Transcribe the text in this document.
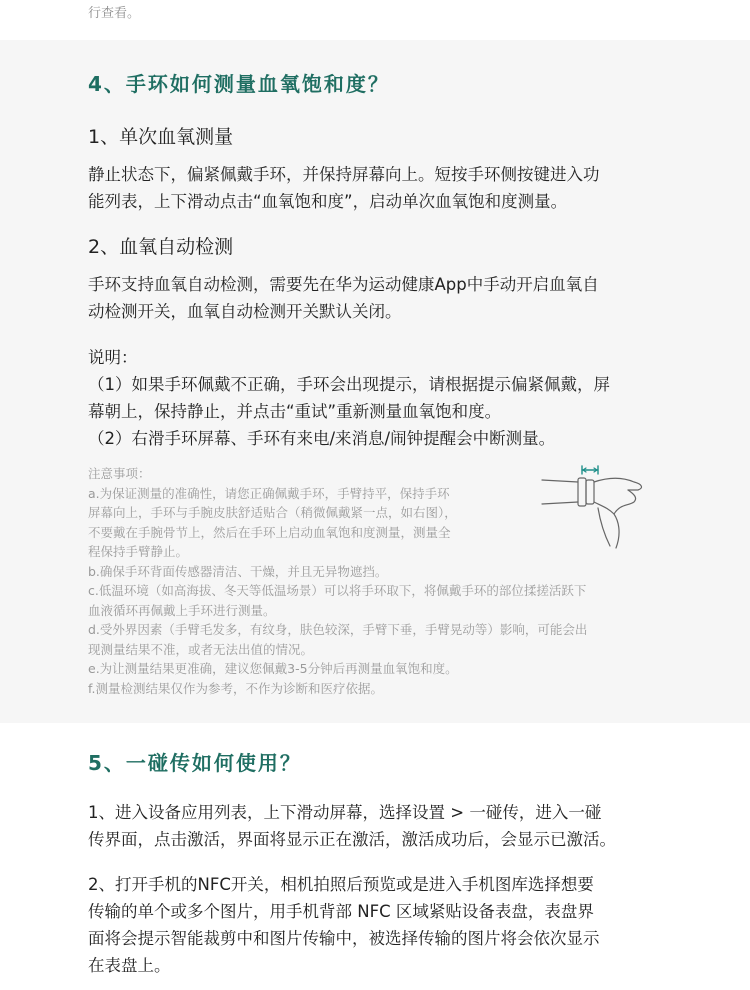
行查看。
4、手环如何测量血氧饱和度？
1、单次血氧测量
静止状态下，偏紧佩戴手环，并保持屏幕向上。短按手环侧按键进入功
能列表，上下滑动点击“血氧饱和度”，启动单次血氧饱和度测量。
2、血氧自动检测
手环支持血氧自动检测，需要先在华为运动健康App中手动开启血氧自
动检测开关，血氧自动检测开关默认关闭。
说明：
（1）如果手环佩戴不正确，手环会出现提示，请根据提示偏紧佩戴，屏
幕朝上，保持静止，并点击“重试”重新测量血氧饱和度。
（2）右滑手环屏幕、手环有来电/来消息/闹钟提醒会中断测量。
注意事项：
a.为保证测量的准确性，请您正确佩戴手环，手臂持平，保持手环
屏幕向上，手环与手腕皮肤舒适贴合（稍微佩戴紧一点，如右图），
不要戴在手腕骨节上，然后在手环上启动血氧饱和度测量，测量全
程保持手臂静止。
b.确保手环背面传感器清洁、干燥，并且无异物遮挡。
c.低温环境（如高海拔、冬天等低温场景）可以将手环取下，将佩戴手环的部位揉搓活跃下
血液循环再佩戴上手环进行测量。
d.受外界因素（手臂毛发多，有纹身，肤色较深，手臂下垂，手臂晃动等）影响，可能会出
现测量结果不准，或者无法出值的情况。
e.为让测量结果更准确，建议您佩戴3-5分钟后再测量血氧饱和度。
f.测量检测结果仅作为参考，不作为诊断和医疗依据。
5、一碰传如何使用？
1、进入设备应用列表，上下滑动屏幕，选择设置 > 一碰传，进入一碰
传界面，点击激活，界面将显示正在激活，激活成功后，会显示已激活。
2、打开手机的NFC开关，相机拍照后预览或是进入手机图库选择想要
传输的单个或多个图片，用手机背部 NFC 区域紧贴设备表盘，表盘界
面将会提示智能裁剪中和图片传输中，被选择传输的图片将会依次显示
在表盘上。
